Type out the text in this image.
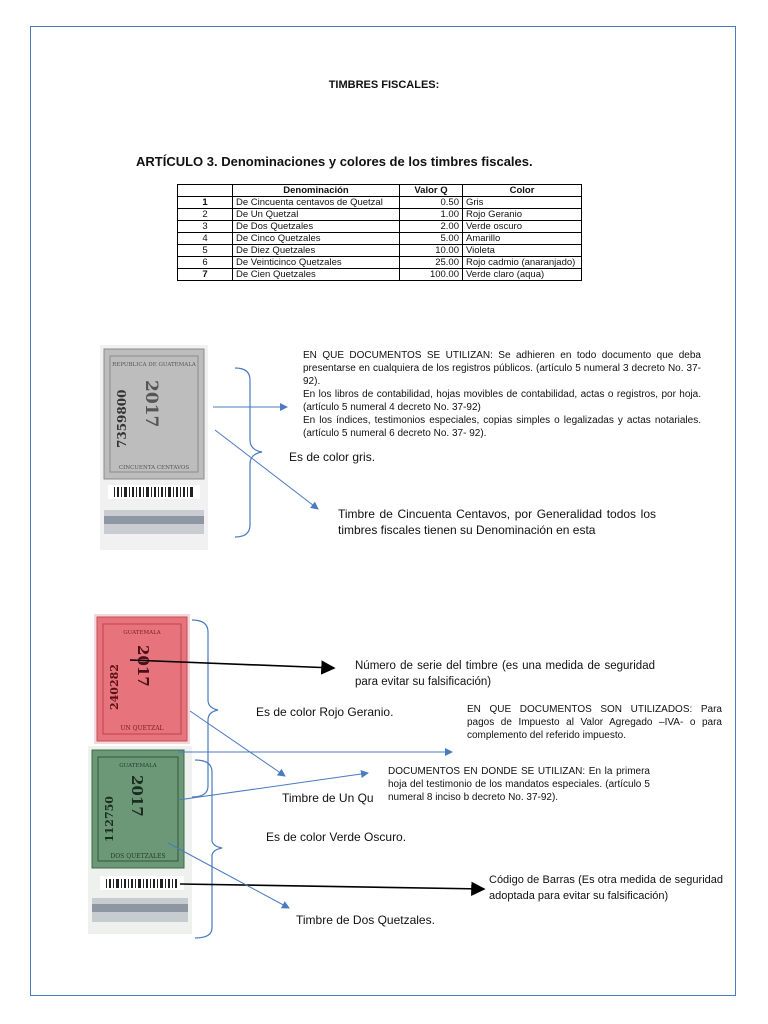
TIMBRES FISCALES:
ARTÍCULO 3. Denominaciones y colores de los timbres fiscales.
	Denominación	Valor Q	Color
1	De Cincuenta centavos de Quetzal	0.50	Gris
2	De Un Quetzal	1.00	Rojo Geranio
3	De Dos Quetzales	2.00	Verde oscuro
4	De Cinco Quetzales	5.00	Amarillo
5	De Diez Quetzales	10.00	Violeta
6	De Veinticinco Quetzales	25.00	Rojo cadmio (anaranjado)
7	De Cien Quetzales	100.00	Verde claro (aqua)
REPUBLICA DE GUATEMALA
7359800 2017
CINCUENTA CENTAVOS
GUATEMALA
240282 2017
UN QUETZAL
GUATEMALA
112750
2017
DOS QUETZALES
EN QUE DOCUMENTOS SE UTILIZAN: Se adhieren en todo documento que deba presentarse en cualquiera de los registros públicos. (artículo 5 numeral 3 decreto No. 37-92).
En los libros de contabilidad, hojas movibles de contabilidad, actas o registros, por hoja. (artículo 5 numeral 4 decreto No. 37-92)
En los índices, testimonios especiales, copias simples o legalizadas y actas notariales. (artículo 5 numeral 6 decreto No. 37- 92).
Es de color gris.
Timbre de Cincuenta Centavos, por Generalidad todos los timbres fiscales tienen su Denominación en esta
Número de serie del timbre (es una medida de seguridad para evitar su falsificación)
Es de color Rojo Geranio.	EN QUE DOCUMENTOS SON UTILIZADOS: Para pagos de Impuesto al Valor Agregado –IVA- o para complemento del referido impuesto.
DOCUMENTOS EN DONDE SE UTILIZAN: En la primera hoja del testimonio de los mandatos especiales. (artículo 5 numeral 8 inciso b decreto No. 37-92).
Timbre de Un Qu
Es de color Verde Oscuro.
Código de Barras (Es otra medida de seguridad adoptada para evitar su falsificación)
Timbre de Dos Quetzales.
